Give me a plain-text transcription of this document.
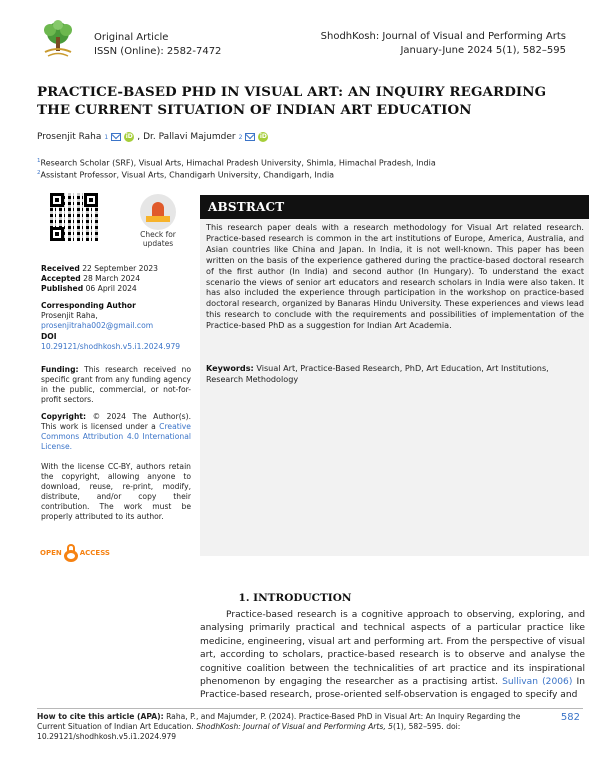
Original Article
ISSN (Online): 2582-7472
ShodhKosh: Journal of Visual and Performing Arts
January-June 2024 5(1), 582–595
PRACTICE-BASED PHD IN VISUAL ART: AN INQUIRY REGARDING THE CURRENT SITUATION OF INDIAN ART EDUCATION
Prosenjit Raha 1	iD , Dr. Pallavi Majumder 2	iD
$^1$Research Scholar (SRF), Visual Arts, Himachal Pradesh University, Shimla, Himachal Pradesh, India
$^2$Assistant Professor, Visual Arts, Chandigarh University, Chandigarh, India
Check for updates
Received 22 September 2023
Accepted 28 March 2024
Published 06 April 2024
Corresponding Author
Prosenjit Raha,
prosenjitraha002@gmail.com
DOI
10.29121/shodhkosh.v5.i1.2024.979
Funding: This research received no specific grant from any funding agency in the public, commercial, or not-for-profit sectors.
Copyright: © 2024 The Author(s). This work is licensed under a Creative Commons Attribution 4.0 International License.
With the license CC-BY, authors retain the copyright, allowing anyone to download, reuse, re-print, modify, distribute, and/or copy their contribution. The work must be properly attributed to its author.
OPEN	ACCESS
ABSTRACT

This research paper deals with a research methodology for Visual Art related research. Practice-based research is common in the art institutions of Europe, America, Australia, and Asian countries like China and Japan. In India, it is not well-known. This paper has been written on the basis of the experience gathered during the practice-based doctoral research of the first author (In India) and second author (In Hungary). To understand the exact scenario the views of senior art educators and research scholars in India were also taken. It has also included the experience through participation in the workshop on practice-based doctoral research, organized by Banaras Hindu University. These experiences and views lead this research to conclude with the requirements and possibilities of implementation of the Practice-based PhD as a suggestion for Indian Art Academia.

Keywords: Visual Art, Practice-Based Research, PhD, Art Education, Art Institutions, Research Methodology

1. INTRODUCTION

Practice-based research is a cognitive approach to observing, exploring, and analysing primarily practical and technical aspects of a particular practice like medicine, engineering, visual art and performing art. From the perspective of visual art, according to scholars, practice-based research is to observe and analyse the cognitive coalition between the technicalities of art practice and its inspirational phenomenon by engaging the researcher as a practising artist. Sullivan (2006) In Practice-based research, prose-oriented self-observation is engaged to specify and

How to cite this article (APA): Raha, P., and Majumder, P. (2024). Practice-Based PhD in Visual Art: An Inquiry Regarding the Current Situation of Indian Art Education. ShodhKosh: Journal of Visual and Performing Arts, 5(1), 582–595. doi: 10.29121/shodhkosh.v5.i1.2024.979
582
